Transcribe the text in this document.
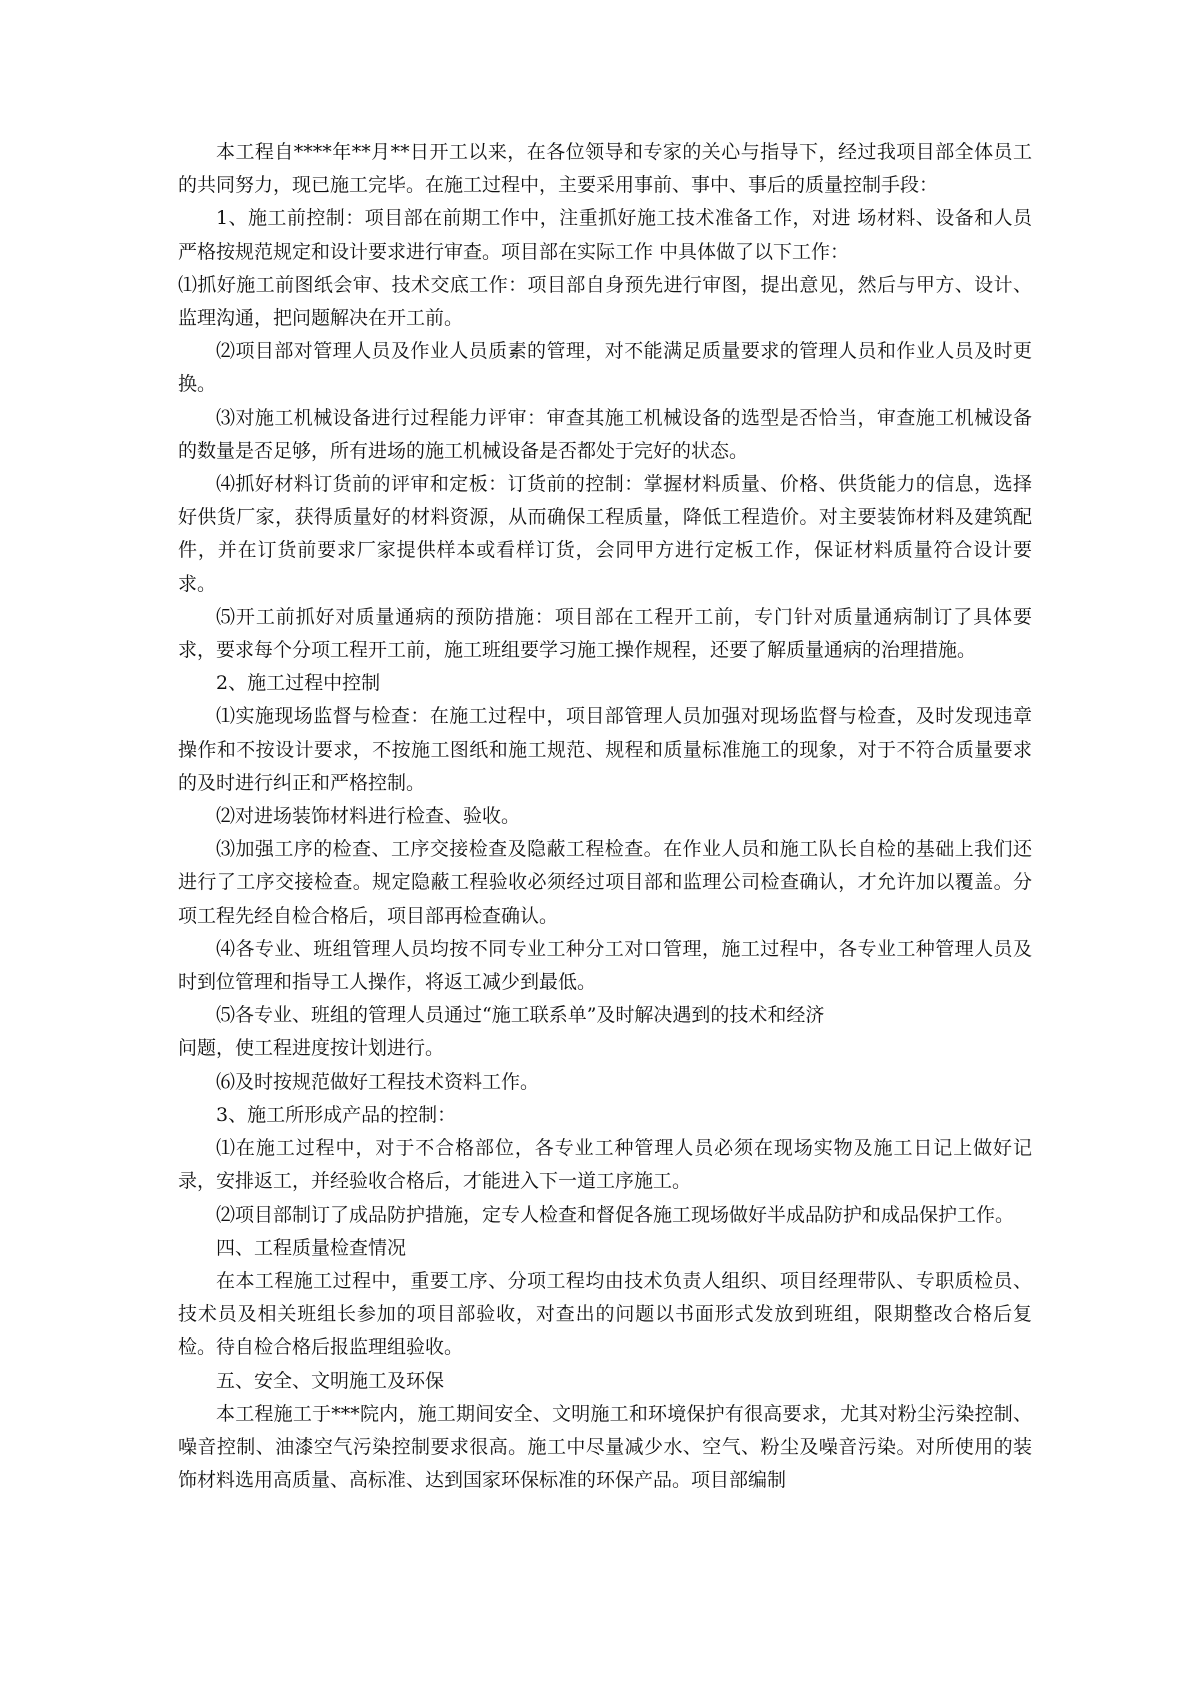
本工程自****年**月**日开工以来，在各位领导和专家的关心与指导下，经过我项目部全体员工的共同努力，现已施工完毕。在施工过程中，主要采用事前、事中、事后的质量控制手段：

1、施工前控制：项目部在前期工作中，注重抓好施工技术准备工作，对进 场材料、设备和人员严格按规范规定和设计要求进行审查。项目部在实际工作 中具体做了以下工作：

⑴抓好施工前图纸会审、技术交底工作：项目部自身预先进行审图，提出意见，然后与甲方、设计、监理沟通，把问题解决在开工前。

⑵项目部对管理人员及作业人员质素的管理，对不能满足质量要求的管理人员和作业人员及时更换。

⑶对施工机械设备进行过程能力评审：审查其施工机械设备的选型是否恰当，审查施工机械设备的数量是否足够，所有进场的施工机械设备是否都处于完好的状态。

⑷抓好材料订货前的评审和定板：订货前的控制：掌握材料质量、价格、供货能力的信息，选择好供货厂家，获得质量好的材料资源，从而确保工程质量，降低工程造价。对主要装饰材料及建筑配件，并在订货前要求厂家提供样本或看样订货，会同甲方进行定板工作，保证材料质量符合设计要求。

⑸开工前抓好对质量通病的预防措施：项目部在工程开工前，专门针对质量通病制订了具体要求，要求每个分项工程开工前，施工班组要学习施工操作规程，还要了解质量通病的治理措施。

2、施工过程中控制

⑴实施现场监督与检查：在施工过程中，项目部管理人员加强对现场监督与检查，及时发现违章操作和不按设计要求，不按施工图纸和施工规范、规程和质量标准施工的现象，对于不符合质量要求的及时进行纠正和严格控制。

⑵对进场装饰材料进行检查、验收。

⑶加强工序的检查、工序交接检查及隐蔽工程检查。在作业人员和施工队长自检的基础上我们还进行了工序交接检查。规定隐蔽工程验收必须经过项目部和监理公司检查确认，才允许加以覆盖。分项工程先经自检合格后，项目部再检查确认。

⑷各专业、班组管理人员均按不同专业工种分工对口管理，施工过程中，各专业工种管理人员及时到位管理和指导工人操作，将返工减少到最低。

⑸各专业、班组的管理人员通过“施工联系单”及时解决遇到的技术和经济

问题，使工程进度按计划进行。

⑹及时按规范做好工程技术资料工作。

3、施工所形成产品的控制：

⑴在施工过程中，对于不合格部位，各专业工种管理人员必须在现场实物及施工日记上做好记录，安排返工，并经验收合格后，才能进入下一道工序施工。

⑵项目部制订了成品防护措施，定专人检查和督促各施工现场做好半成品防护和成品保护工作。

四、工程质量检查情况

在本工程施工过程中，重要工序、分项工程均由技术负责人组织、项目经理带队、专职质检员、技术员及相关班组长参加的项目部验收，对查出的问题以书面形式发放到班组，限期整改合格后复检。待自检合格后报监理组验收。

五、安全、文明施工及环保

本工程施工于***院内，施工期间安全、文明施工和环境保护有很高要求，尤其对粉尘污染控制、噪音控制、油漆空气污染控制要求很高。施工中尽量减少水、空气、粉尘及噪音污染。对所使用的装饰材料选用高质量、高标准、达到国家环保标准的环保产品。项目部编制
